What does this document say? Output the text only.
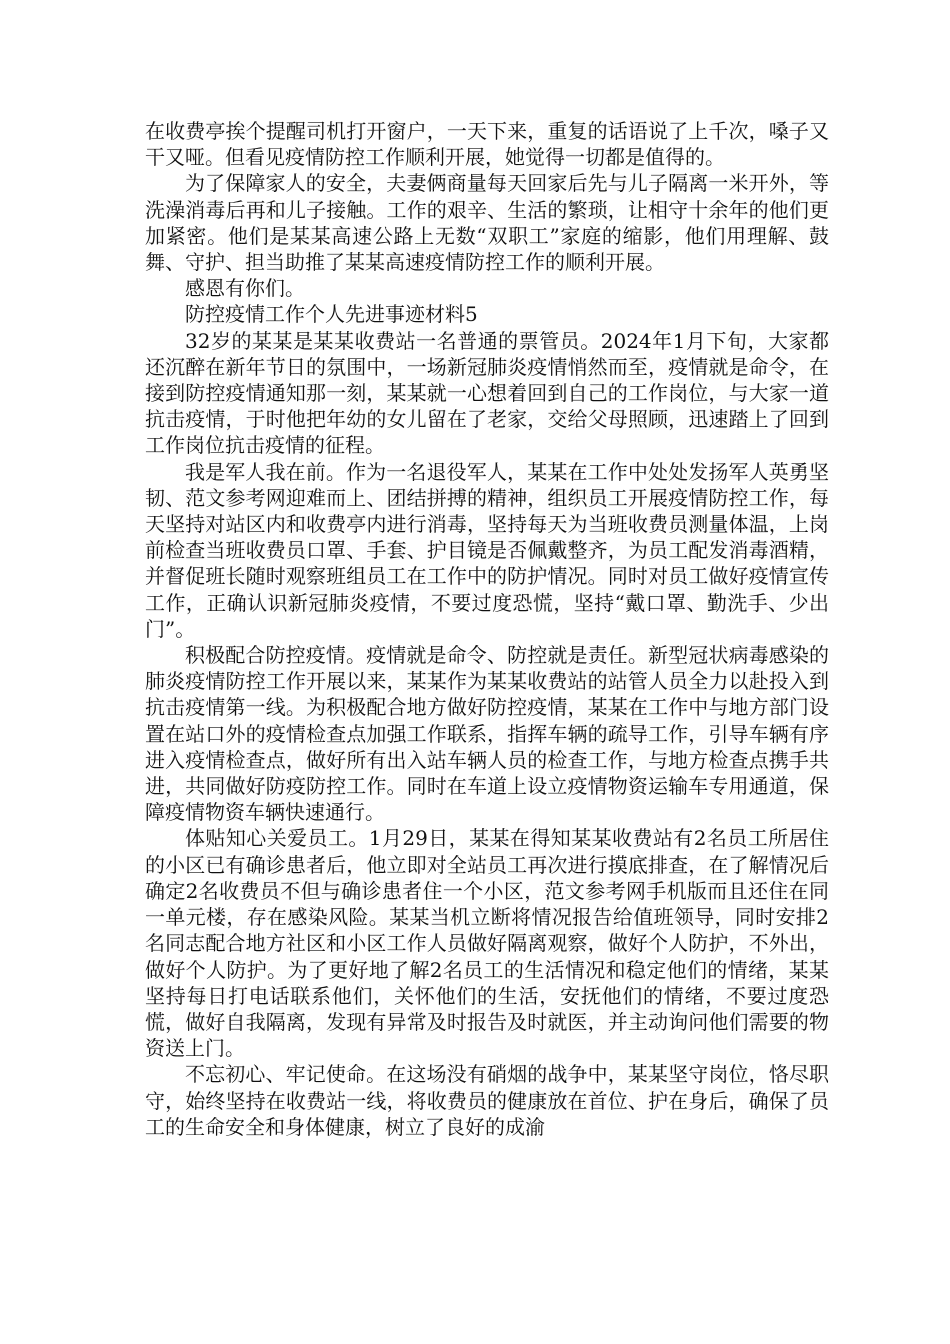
在收费亭挨个提醒司机打开窗户，一天下来，重复的话语说了上千次，嗓子又干又哑。但看见疫情防控工作顺利开展，她觉得一切都是值得的。

为了保障家人的安全，夫妻俩商量每天回家后先与儿子隔离一米开外，等洗澡消毒后再和儿子接触。工作的艰辛、生活的繁琐，让相守十余年的他们更加紧密。他们是某某高速公路上无数“双职工”家庭的缩影，他们用理解、鼓舞、守护、担当助推了某某高速疫情防控工作的顺利开展。

感恩有你们。

防控疫情工作个人先进事迹材料5

32岁的某某是某某收费站一名普通的票管员。2024年1月下旬，大家都还沉醉在新年节日的氛围中，一场新冠肺炎疫情悄然而至，疫情就是命令，在接到防控疫情通知那一刻，某某就一心想着回到自己的工作岗位，与大家一道抗击疫情，于时他把年幼的女儿留在了老家，交给父母照顾，迅速踏上了回到工作岗位抗击疫情的征程。

我是军人我在前。作为一名退役军人，某某在工作中处处发扬军人英勇坚韧、范文参考网迎难而上、团结拼搏的精神，组织员工开展疫情防控工作，每天坚持对站区内和收费亭内进行消毒，坚持每天为当班收费员测量体温，上岗前检查当班收费员口罩、手套、护目镜是否佩戴整齐，为员工配发消毒酒精，并督促班长随时观察班组员工在工作中的防护情况。同时对员工做好疫情宣传工作，正确认识新冠肺炎疫情，不要过度恐慌，坚持“戴口罩、勤洗手、少出门”。

积极配合防控疫情。疫情就是命令、防控就是责任。新型冠状病毒感染的肺炎疫情防控工作开展以来，某某作为某某收费站的站管人员全力以赴投入到抗击疫情第一线。为积极配合地方做好防控疫情，某某在工作中与地方部门设置在站口外的疫情检查点加强工作联系，指挥车辆的疏导工作，引导车辆有序进入疫情检查点，做好所有出入站车辆人员的检查工作，与地方检查点携手共进，共同做好防疫防控工作。同时在车道上设立疫情物资运输车专用通道，保障疫情物资车辆快速通行。

体贴知心关爱员工。1月29日，某某在得知某某收费站有2名员工所居住的小区已有确诊患者后，他立即对全站员工再次进行摸底排查，在了解情况后确定2名收费员不但与确诊患者住一个小区，范文参考网手机版而且还住在同一单元楼，存在感染风险。某某当机立断将情况报告给值班领导，同时安排2名同志配合地方社区和小区工作人员做好隔离观察，做好个人防护，不外出，做好个人防护。为了更好地了解2名员工的生活情况和稳定他们的情绪，某某坚持每日打电话联系他们，关怀他们的生活，安抚他们的情绪，不要过度恐慌，做好自我隔离，发现有异常及时报告及时就医，并主动询问他们需要的物资送上门。

不忘初心、牢记使命。在这场没有硝烟的战争中，某某坚守岗位，恪尽职守，始终坚持在收费站一线，将收费员的健康放在首位、护在身后，确保了员工的生命安全和身体健康，树立了良好的成渝
